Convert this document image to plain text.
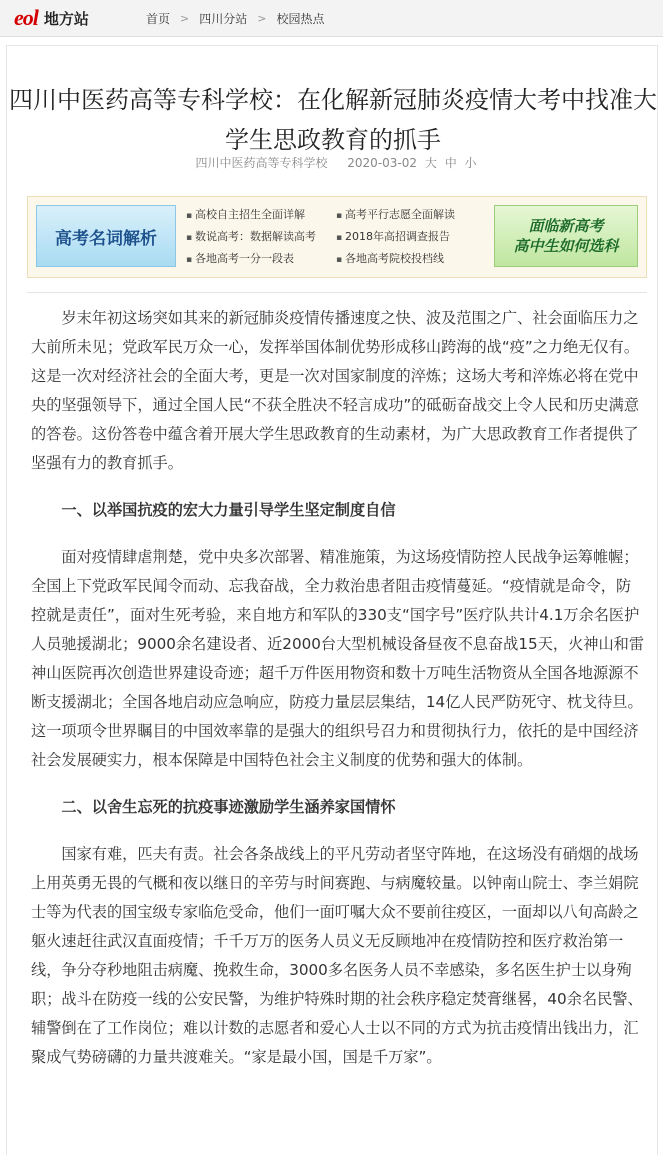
eol 地方站	首页 > 四川分站 > 校园热点
四川中医药高等专科学校：在化解新冠肺炎疫情大考中找准大学生思政教育的抓手
四川中医药高等专科学校 2020-03-02 大 中 小
高考名词解析
▪ 高校自主招生全面详解	▪ 高考平行志愿全面解读
▪ 数说高考：数据解读高考	▪ 2018年高招调查报告
▪ 各地高考一分一段表	▪ 各地高考院校投档线
面临新高考
高中生如何选科

岁末年初这场突如其来的新冠肺炎疫情传播速度之快、波及范围之广、社会面临压力之大前所未见；党政军民万众一心，发挥举国体制优势形成移山跨海的战“疫”之力绝无仅有。这是一次对经济社会的全面大考，更是一次对国家制度的淬炼；这场大考和淬炼必将在党中央的坚强领导下，通过全国人民“不获全胜决不轻言成功”的砥砺奋战交上令人民和历史满意的答卷。这份答卷中蕴含着开展大学生思政教育的生动素材，为广大思政教育工作者提供了坚强有力的教育抓手。

一、以举国抗疫的宏大力量引导学生坚定制度自信

面对疫情肆虐荆楚，党中央多次部署、精准施策，为这场疫情防控人民战争运筹帷幄；全国上下党政军民闻令而动、忘我奋战，全力救治患者阻击疫情蔓延。“疫情就是命令，防控就是责任”，面对生死考验，来自地方和军队的330支“国字号”医疗队共计4.1万余名医护人员驰援湖北；9000余名建设者、近2000台大型机械设备昼夜不息奋战15天，火神山和雷神山医院再次创造世界建设奇迹；超千万件医用物资和数十万吨生活物资从全国各地源源不断支援湖北；全国各地启动应急响应，防疫力量层层集结，14亿人民严防死守、枕戈待旦。这一项项令世界瞩目的中国效率靠的是强大的组织号召力和贯彻执行力，依托的是中国经济社会发展硬实力，根本保障是中国特色社会主义制度的优势和强大的体制。

二、以舍生忘死的抗疫事迹激励学生涵养家国情怀

国家有难，匹夫有责。社会各条战线上的平凡劳动者坚守阵地，在这场没有硝烟的战场上用英勇无畏的气概和夜以继日的辛劳与时间赛跑、与病魔较量。以钟南山院士、李兰娟院士等为代表的国宝级专家临危受命，他们一面叮嘱大众不要前往疫区，一面却以八旬高龄之躯火速赶往武汉直面疫情；千千万万的医务人员义无反顾地冲在疫情防控和医疗救治第一线，争分夺秒地阻击病魔、挽救生命，3000多名医务人员不幸感染，多名医生护士以身殉职；战斗在防疫一线的公安民警，为维护特殊时期的社会秩序稳定焚膏继晷，40余名民警、辅警倒在了工作岗位；难以计数的志愿者和爱心人士以不同的方式为抗击疫情出钱出力，汇聚成气势磅礴的力量共渡难关。“家是最小国，国是千万家”。
